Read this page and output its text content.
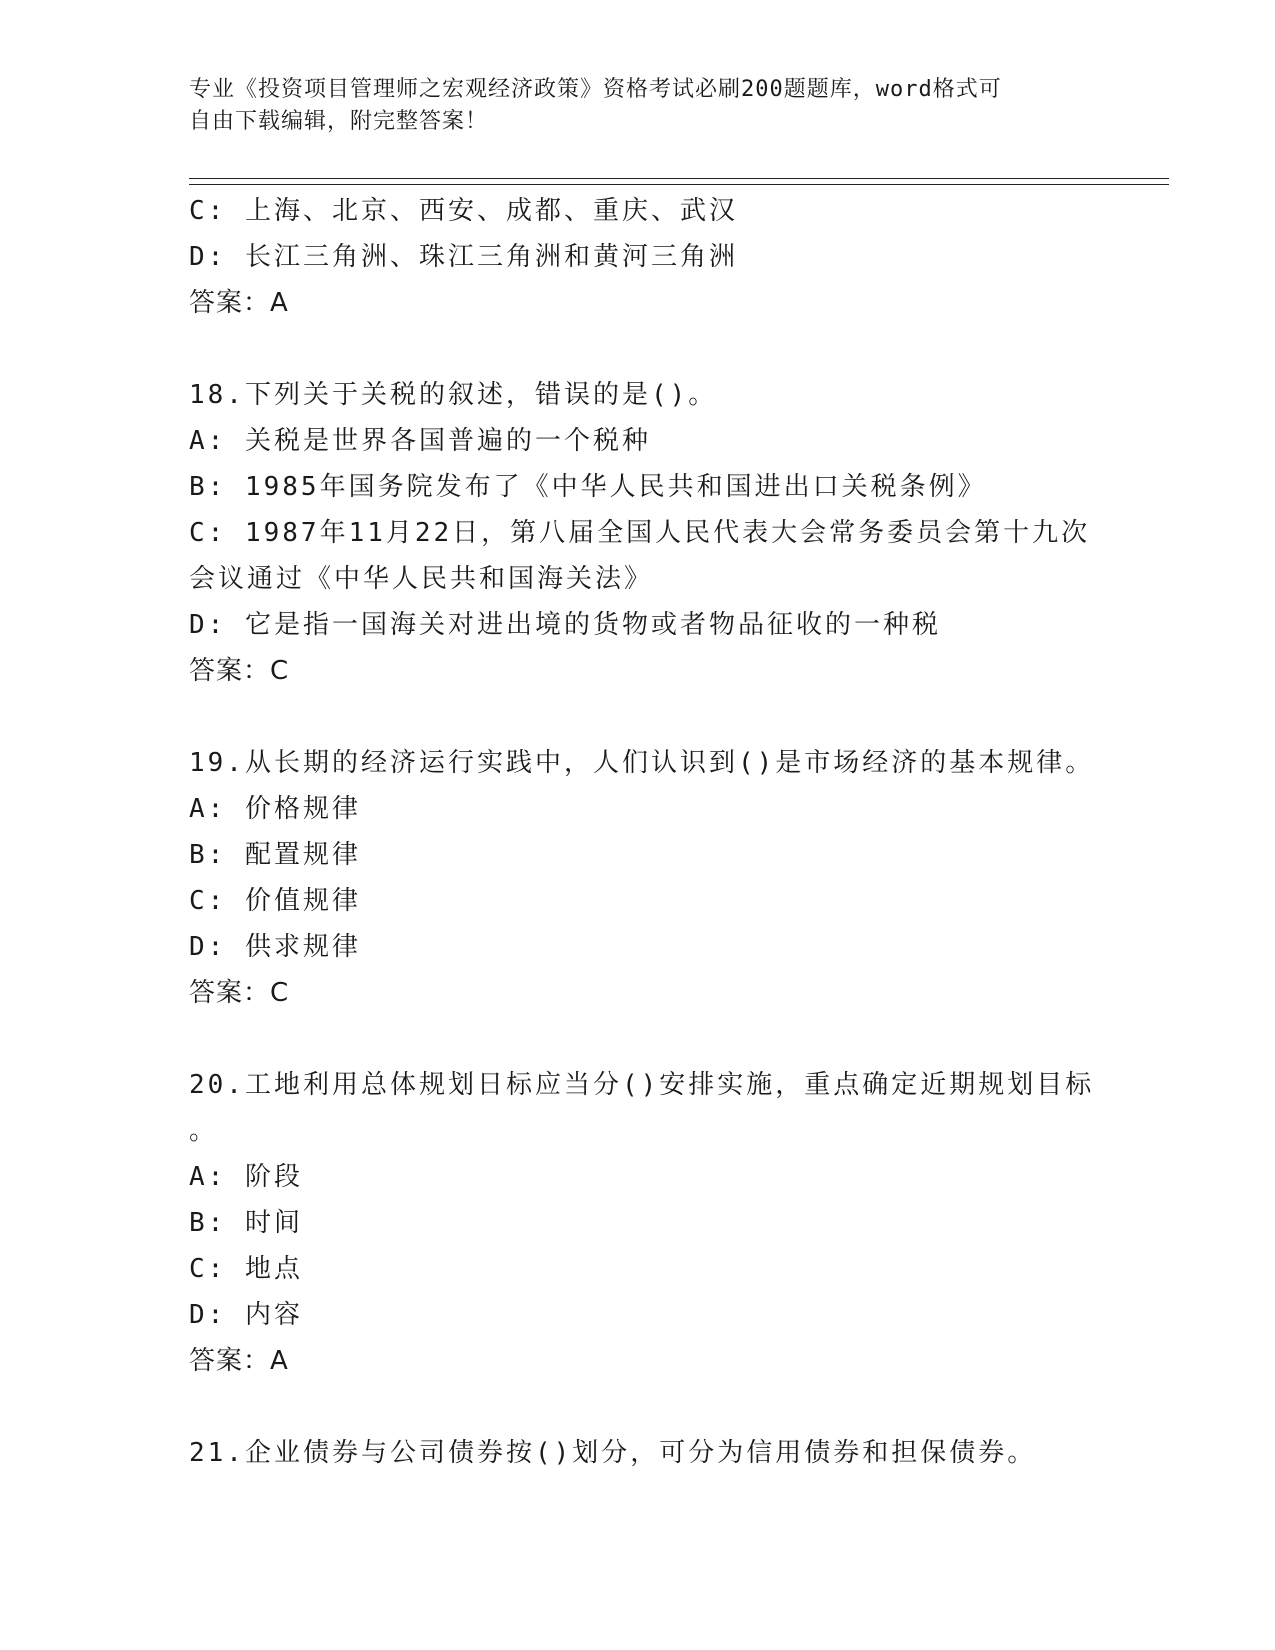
专业《投资项目管理师之宏观经济政策》资格考试必刷200题题库，word格式可
自由下载编辑，附完整答案！
C: 上海、北京、西安、成都、重庆、武汉
D: 长江三角洲、珠江三角洲和黄河三角洲
答案：A
18.下列关于关税的叙述，错误的是()。
A: 关税是世界各国普遍的一个税种
B: 1985年国务院发布了《中华人民共和国进出口关税条例》
C: 1987年11月22日，第八届全国人民代表大会常务委员会第十九次
会议通过《中华人民共和国海关法》
D: 它是指一国海关对进出境的货物或者物品征收的一种税
答案：C
19.从长期的经济运行实践中，人们认识到()是市场经济的基本规律。
A: 价格规律
B: 配置规律
C: 价值规律
D: 供求规律
答案：C
20.工地利用总体规划日标应当分()安排实施，重点确定近期规划目标
。
A: 阶段
B: 时间
C: 地点
D: 内容
答案：A
21.企业债券与公司债券按()划分，可分为信用债券和担保债券。
